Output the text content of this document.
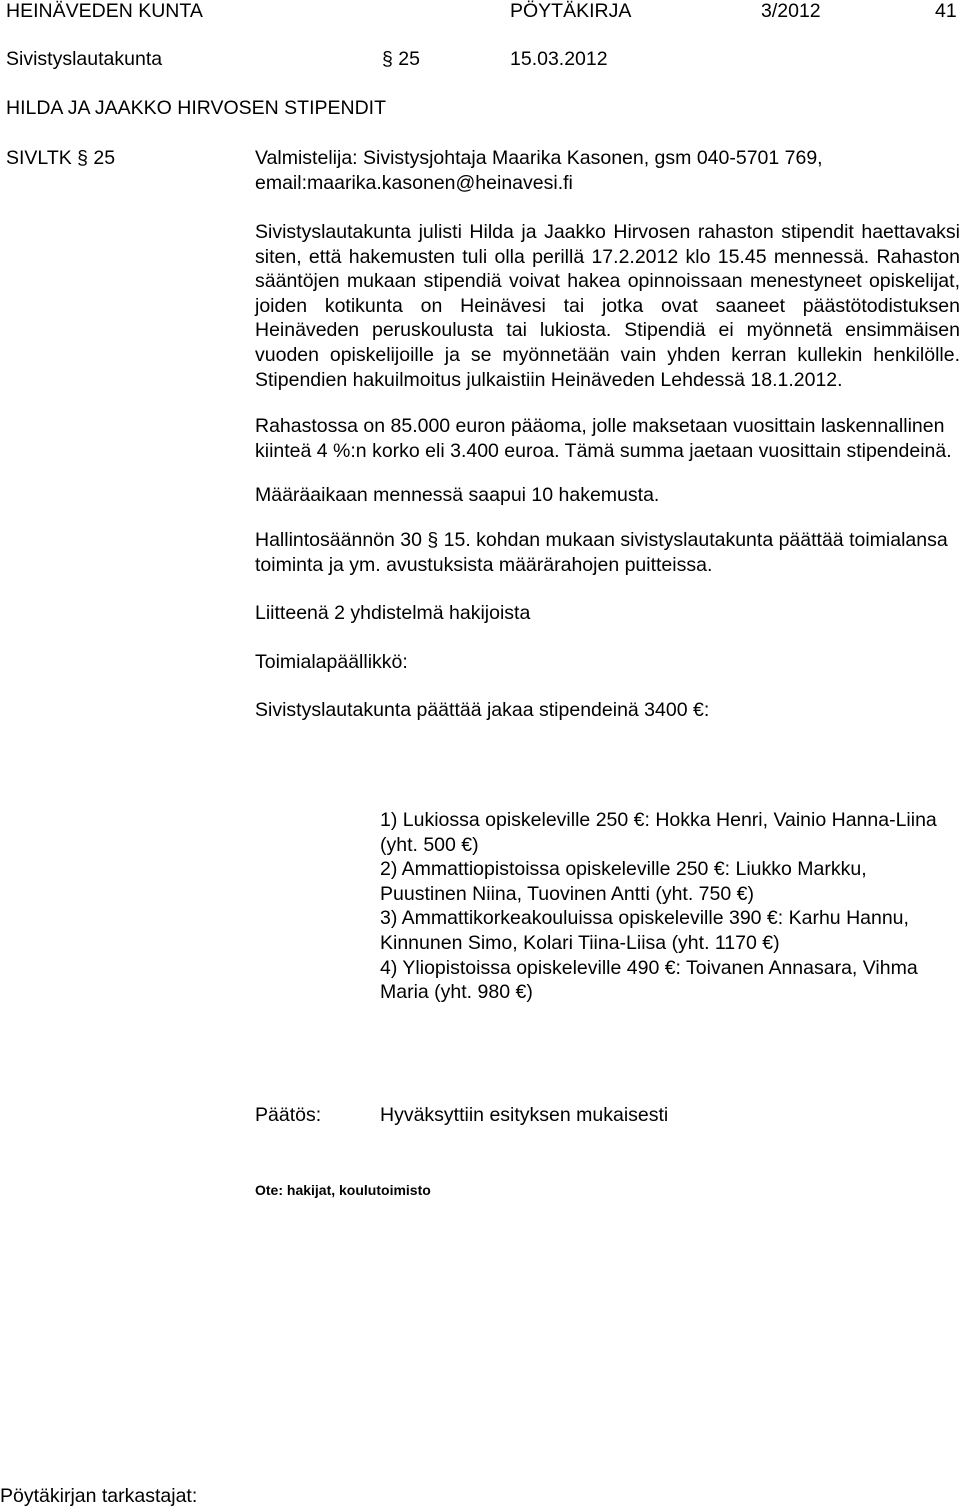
HEINÄVEDEN KUNTA	PÖYTÄKIRJA	3/2012	41
Sivistyslautakunta	§ 25	15.03.2012
HILDA JA JAAKKO HIRVOSEN STIPENDIT
SIVLTK § 25	Valmistelija: Sivistysjohtaja Maarika Kasonen, gsm 040-5701 769,
email:maarika.kasonen@heinavesi.fi

Sivistyslautakunta julisti Hilda ja Jaakko Hirvosen rahaston stipendit haettavaksi siten, että hakemusten tuli olla perillä 17.2.2012 klo 15.45 mennessä. Rahaston sääntöjen mukaan stipendiä voivat hakea opinnoissaan menestyneet opiskelijat, joiden kotikunta on Heinävesi tai jotka ovat saaneet päästötodistuksen Heinäveden peruskoulusta tai lukiosta. Stipendiä ei myönnetä ensimmäisen vuoden opiskelijoille ja se myönnetään vain yhden kerran kullekin henkilölle. Stipendien hakuilmoitus julkaistiin Heinäveden Lehdessä 18.1.2012.

Rahastossa on 85.000 euron pääoma, jolle maksetaan vuosittain laskennallinen kiinteä 4 %:n korko eli 3.400 euroa. Tämä summa jaetaan vuosittain stipendeinä.

Määräaikaan mennessä saapui 10 hakemusta.

Hallintosäännön 30 § 15. kohdan mukaan sivistyslautakunta päättää toimialansa toiminta ja ym. avustuksista määrärahojen puitteissa.

Liitteenä 2 yhdistelmä hakijoista

Toimialapäällikkö:

Sivistyslautakunta päättää jakaa stipendeinä 3400 €:

1) Lukiossa opiskeleville 250 €: Hokka Henri, Vainio Hanna-Liina (yht. 500 €)

2) Ammattiopistoissa opiskeleville 250 €: Liukko Markku, Puustinen Niina, Tuovinen Antti (yht. 750 €)

3) Ammattikorkeakouluissa opiskeleville 390 €: Karhu Hannu, Kinnunen Simo, Kolari Tiina-Liisa (yht. 1170 €)

4) Yliopistoissa opiskeleville 490 €: Toivanen Annasara, Vihma Maria (yht. 980 €)

Päätös:	Hyväksyttiin esityksen mukaisesti
Ote: hakijat, koulutoimisto
Pöytäkirjan tarkastajat:
